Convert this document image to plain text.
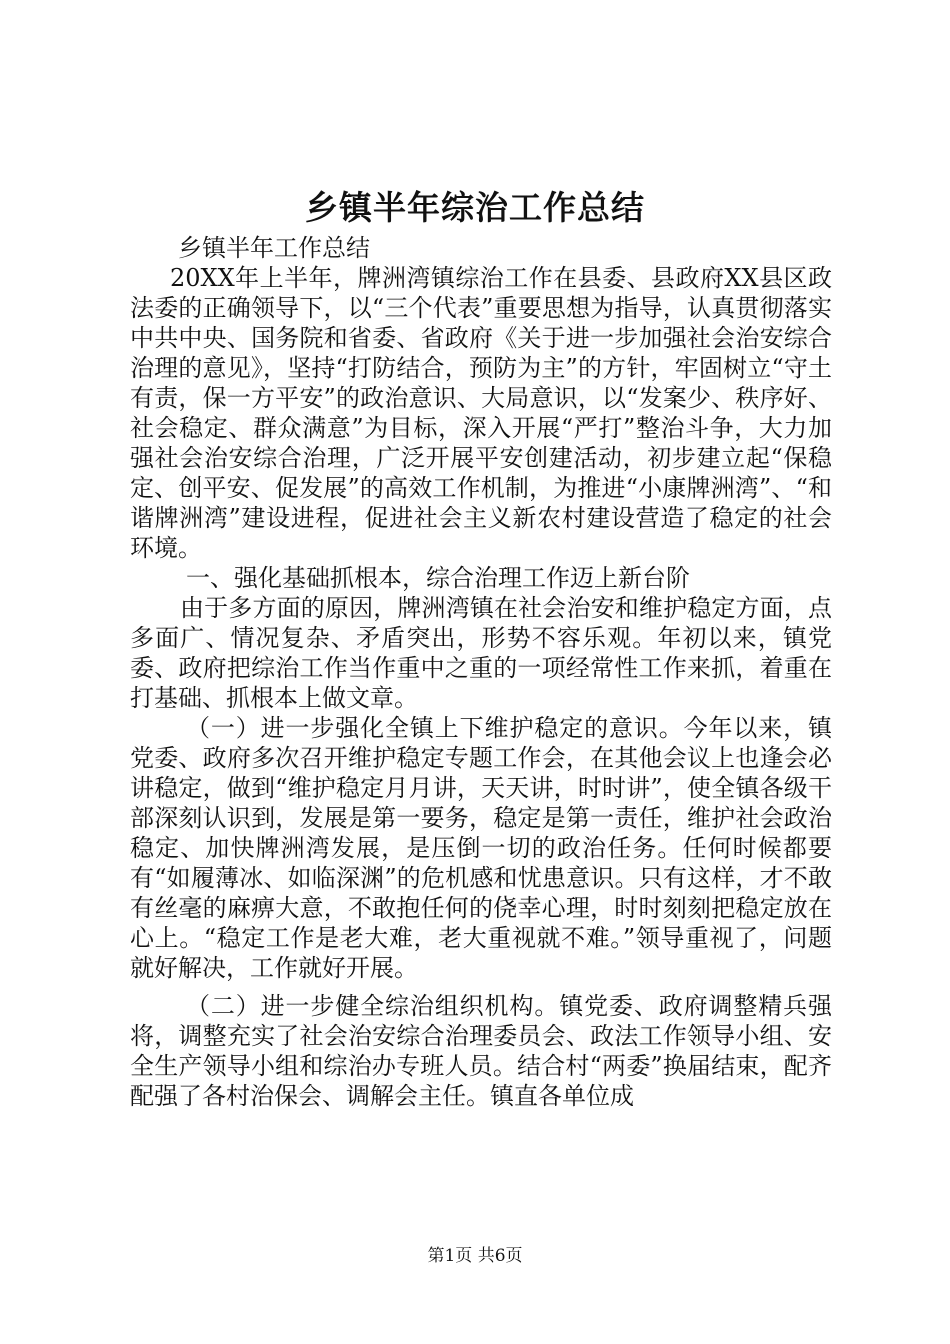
乡镇半年综治工作总结

乡镇半年工作总结

20XX年上半年，牌洲湾镇综治工作在县委、县政府XX县区政法委的正确领导下，以“三个代表”重要思想为指导，认真贯彻落实中共中央、国务院和省委、省政府《关于进一步加强社会治安综合治理的意见》，坚持“打防结合，预防为主”的方针，牢固树立“守土有责，保一方平安”的政治意识、大局意识，以“发案少、秩序好、社会稳定、群众满意”为目标，深入开展“严打”整治斗争，大力加强社会治安综合治理，广泛开展平安创建活动，初步建立起“保稳定、创平安、促发展”的高效工作机制，为推进“小康牌洲湾”、“和谐牌洲湾”建设进程，促进社会主义新农村建设营造了稳定的社会环境。

一、强化基础抓根本，综合治理工作迈上新台阶

由于多方面的原因，牌洲湾镇在社会治安和维护稳定方面，点多面广、情况复杂、矛盾突出，形势不容乐观。年初以来，镇党委、政府把综治工作当作重中之重的一项经常性工作来抓，着重在打基础、抓根本上做文章。

（一）进一步强化全镇上下维护稳定的意识。今年以来，镇党委、政府多次召开维护稳定专题工作会，在其他会议上也逢会必讲稳定，做到“维护稳定月月讲，天天讲，时时讲”，使全镇各级干部深刻认识到，发展是第一要务，稳定是第一责任，维护社会政治稳定、加快牌洲湾发展，是压倒一切的政治任务。任何时候都要有“如履薄冰、如临深渊”的危机感和忧患意识。只有这样，才不敢有丝毫的麻痹大意，不敢抱任何的侥幸心理，时时刻刻把稳定放在心上。“稳定工作是老大难，老大重视就不难。”领导重视了，问题就好解决，工作就好开展。

（二）进一步健全综治组织机构。镇党委、政府调整精兵强将，调整充实了社会治安综合治理委员会、政法工作领导小组、安全生产领导小组和综治办专班人员。结合村“两委”换届结束，配齐配强了各村治保会、调解会主任。镇直各单位成

第1页 共6页
